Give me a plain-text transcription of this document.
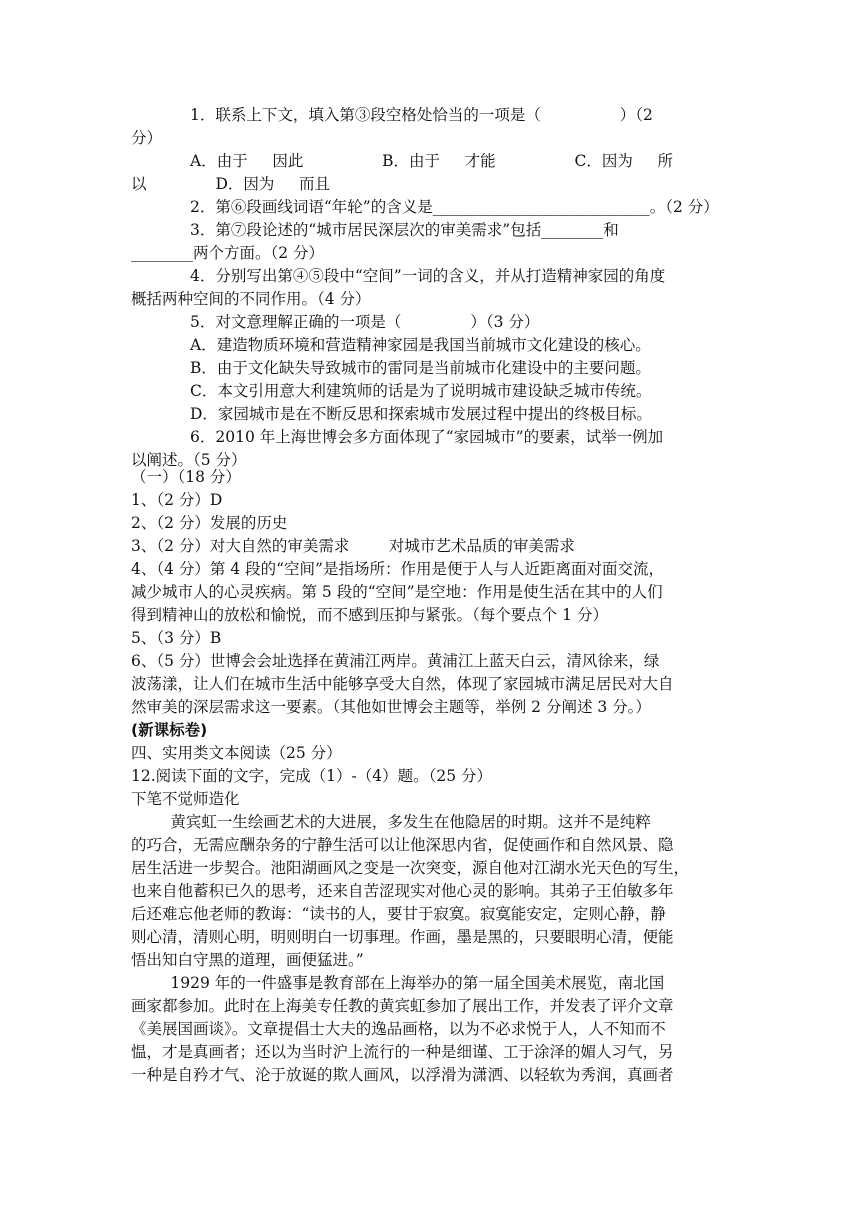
1．联系上下文，填入第③段空格处恰当的一项是（                ）（2
分）
A．由于     因此                B．由于     才能                C．因为     所
以              D．因为     而且
2．第⑥段画线词语“年轮”的含义是____________________________。（2 分）
3．第⑦段论述的“城市居民深层次的审美需求”包括________和
________两个方面。（2 分）
4．分别写出第④⑤段中“空间”一词的含义，并从打造精神家园的角度
概括两种空间的不同作用。（4 分）
5．对文意理解正确的一项是（              ）（3 分）
A．建造物质环境和营造精神家园是我国当前城市文化建设的核心。
B．由于文化缺失导致城市的雷同是当前城市化建设中的主要问题。
C．本文引用意大利建筑师的话是为了说明城市建设缺乏城市传统。
D．家园城市是在不断反思和探索城市发展过程中提出的终极目标。
6．2010 年上海世博会多方面体现了“家园城市”的要素，试举一例加
以阐述。（5 分）
（一）（18 分）
1、（2 分）D
2、（2 分）发展的历史
3、（2 分）对大自然的审美需求        对城市艺术品质的审美需求
4、（4 分）第 4 段的“空间”是指场所：作用是便于人与人近距离面对面交流，
减少城市人的心灵疾病。第 5 段的“空间”是空地：作用是使生活在其中的人们
得到精神山的放松和愉悦，而不感到压抑与紧张。（每个要点个 1 分）
5、（3 分）B
6、（5 分）世博会会址选择在黄浦江两岸。黄浦江上蓝天白云，清风徐来，绿
波荡漾，让人们在城市生活中能够享受大自然，体现了家园城市满足居民对大自
然审美的深层需求这一要素。（其他如世博会主题等，举例 2 分阐述 3 分。）
(新课标卷)
四、实用类文本阅读（25 分）
12.阅读下面的文字，完成（1）-（4）题。（25 分）
下笔不觉师造化
黄宾虹一生绘画艺术的大进展，多发生在他隐居的时期。这并不是纯粹
的巧合，无需应酬杂务的宁静生活可以让他深思内省，促使画作和自然风景、隐
居生活进一步契合。池阳湖画风之变是一次突变，源自他对江湖水光天色的写生，
也来自他蓄积已久的思考，还来自苦涩现实对他心灵的影响。其弟子王伯敏多年
后还难忘他老师的教诲：“读书的人，要甘于寂寞。寂寞能安定，定则心静，静
则心清，清则心明，明则明白一切事理。作画，墨是黑的，只要眼明心清，便能
悟出知白守黑的道理，画便猛进。”
1929 年的一件盛事是教育部在上海举办的第一届全国美术展览，南北国
画家都参加。此时在上海美专任教的黄宾虹参加了展出工作，并发表了评介文章
《美展国画谈》。文章提倡士大夫的逸品画格，以为不必求悦于人，人不知而不
愠，才是真画者；还以为当时沪上流行的一种是细谨、工于涂泽的媚人习气，另
一种是自矜才气、沦于放诞的欺人画风，以浮滑为潇洒、以轻软为秀润，真画者
